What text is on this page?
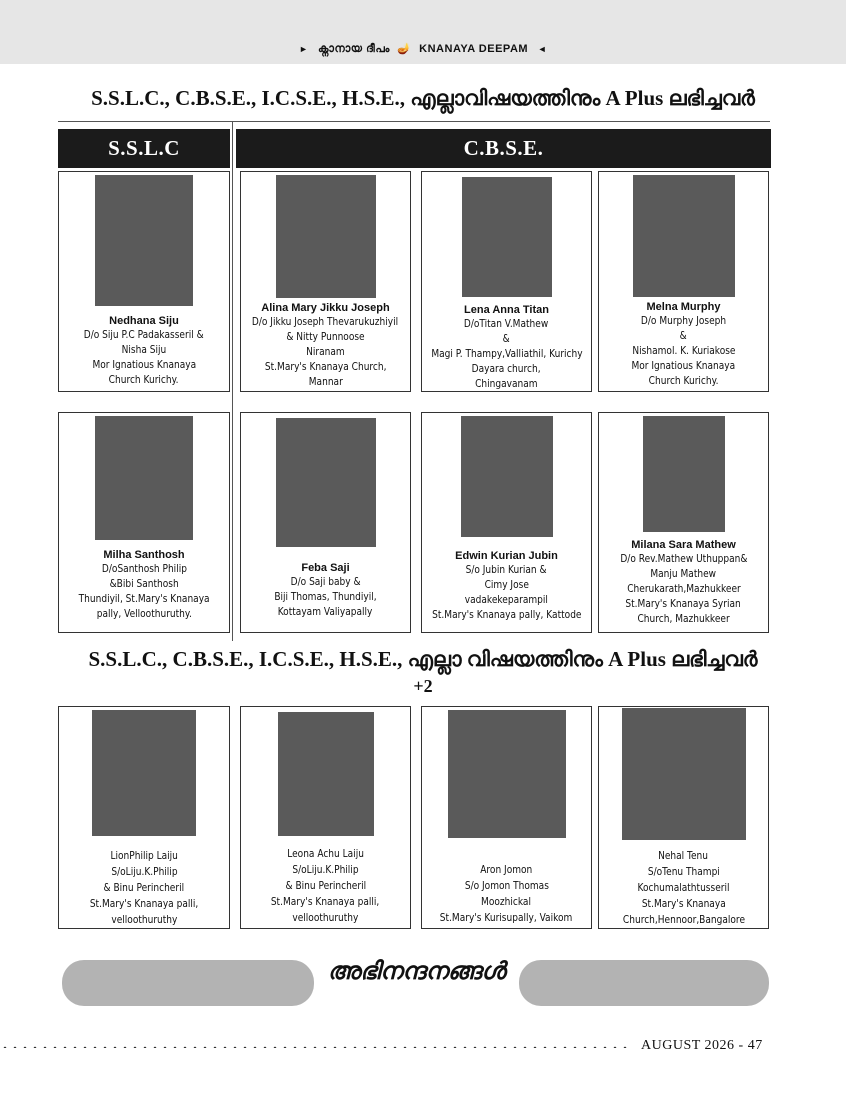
► ക്നാനായ ദീപം 🪔 KNANAYA DEEPAM ◄
S.S.L.C., C.B.S.E., I.C.S.E., H.S.E., എല്ലാവിഷയത്തിനും A Plus ലഭിച്ചവർ
S.S.L.C	C.B.S.E.
Nedhana Siju
D/o Siju P.C Padakasseril &
Nisha Siju
Mor Ignatious Knanaya
Church Kurichy.
Alina Mary Jikku Joseph
D/o Jikku Joseph Thevarukuzhiyil
& Nitty Punnoose
Niranam
St.Mary's Knanaya Church,
Mannar
Lena Anna Titan
D/oTitan V.Mathew
&
Magi P. Thampy,Valliathil, Kurichy
Dayara church,
Chingavanam
Melna Murphy
D/o Murphy Joseph
&
Nishamol. K. Kuriakose
Mor Ignatious Knanaya
Church Kurichy.
Milha Santhosh
D/oSanthosh Philip
&Bibi Santhosh
Thundiyil, St.Mary's Knanaya
pally, Velloothuruthy.
Feba Saji
D/o Saji baby &
Biji Thomas, Thundiyil,
Kottayam Valiyapally
Edwin Kurian Jubin
S/o Jubin Kurian &
Cimy Jose
vadakekeparampil
St.Mary's Knanaya pally, Kattode
Milana Sara Mathew
D/o Rev.Mathew Uthuppan&
Manju Mathew
Cherukarath,Mazhukkeer
St.Mary's Knanaya Syrian
Church, Mazhukkeer
S.S.L.C., C.B.S.E., I.C.S.E., H.S.E., എല്ലാ വിഷയത്തിനും A Plus ലഭിച്ചവർ
+2
LionPhilip Laiju
S/oLiju.K.Philip
& Binu Perincheril
St.Mary's Knanaya palli,
velloothuruthy
Leona Achu Laiju
S/oLiju.K.Philip
& Binu Perincheril
St.Mary's Knanaya palli,
velloothuruthy
Aron Jomon
S/o Jomon Thomas
Moozhickal
St.Mary's Kurisupally, Vaikom
Nehal Tenu
S/oTenu Thampi
Kochumalathtusseril
St.Mary's Knanaya
Church,Hennoor,Bangalore
അഭിനന്ദനങ്ങൾ
AUGUST 2026 - 47
